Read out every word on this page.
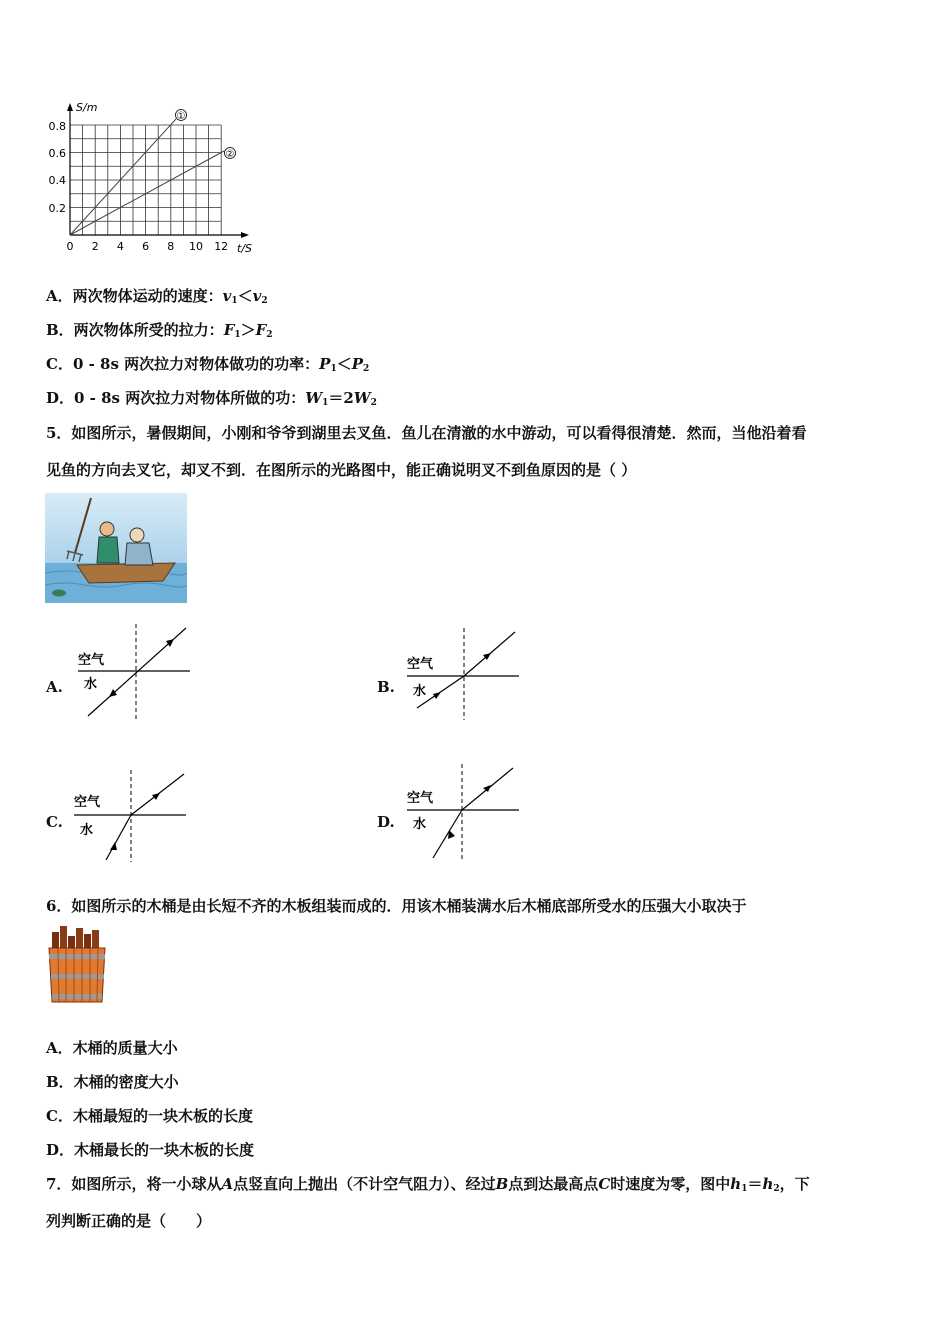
①
②
S/m
t/S
0.2
0.4
0.6
0.8
0 2 4 6 8 10 12
A．两次物体运动的速度：$v_1<v_2$
B．两次物体所受的拉力：$F_1>F_2$
C．0 - 8s 两次拉力对物体做功的功率：$P_1<P_2$
D．0 - 8s 两次拉力对物体所做的功：$W_1=2W_2$
5．如图所示，暑假期间，小刚和爷爷到湖里去叉鱼．鱼儿在清澈的水中游动，可以看得很清楚．然而，当他沿着看
见鱼的方向去叉它，却叉不到．在图所示的光路图中，能正确说明叉不到鱼原因的是（ ）
A.
空气
水	B.
空气
水
C.
空气
水	D.
空气
水
6．如图所示的木桶是由长短不齐的木板组装而成的．用该木桶装满水后木桶底部所受水的压强大小取决于
A．木桶的质量大小
B．木桶的密度大小
C．木桶最短的一块木板的长度
D．木桶最长的一块木板的长度
7．如图所示，将一小球从A点竖直向上抛出（不计空气阻力）、经过B点到达最高点C时速度为零，图中$h_1=h_2$，下
列判断正确的是（　　）
